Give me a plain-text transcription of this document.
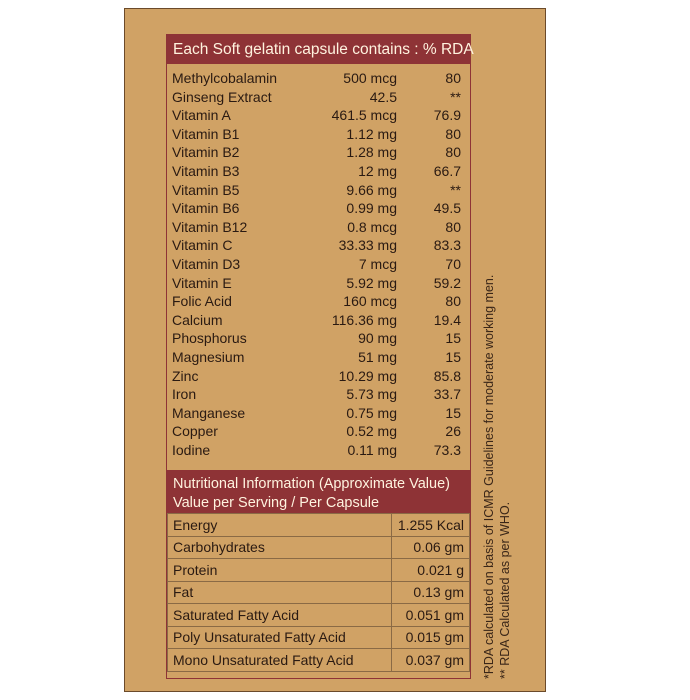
Each Soft gelatin capsule contains : % RDA
Methylcobalamin	500 mcg	80
Ginseng Extract	42.5	**
Vitamin A	461.5 mcg	76.9
Vitamin B1	1.12 mg	80
Vitamin B2	1.28 mg	80
Vitamin B3	12 mg	66.7
Vitamin B5	9.66 mg	**
Vitamin B6	0.99 mg	49.5
Vitamin B12	0.8 mcg	80
Vitamin C	33.33 mg	83.3
Vitamin D3	7 mcg	70
Vitamin E	5.92 mg	59.2
Folic Acid	160 mcg	80
Calcium	116.36 mg	19.4
Phosphorus	90 mg	15
Magnesium	51 mg	15
Zinc	10.29 mg	85.8
Iron	5.73 mg	33.7
Manganese	0.75 mg	15
Copper	0.52 mg	26
Iodine	0.11 mg	73.3
Nutritional Information (Approximate Value)
Value per Serving / Per Capsule
Energy	1.255 Kcal
Carbohydrates	0.06 gm
Protein	0.021 g
Fat	0.13 gm
Saturated Fatty Acid	0.051 gm
Poly Unsaturated Fatty Acid	0.015 gm
Mono Unsaturated Fatty Acid	0.037 gm *RDA calculated on basis of ICMR Guidelines for moderate working men. ** RDA Calculated as per WHO.
